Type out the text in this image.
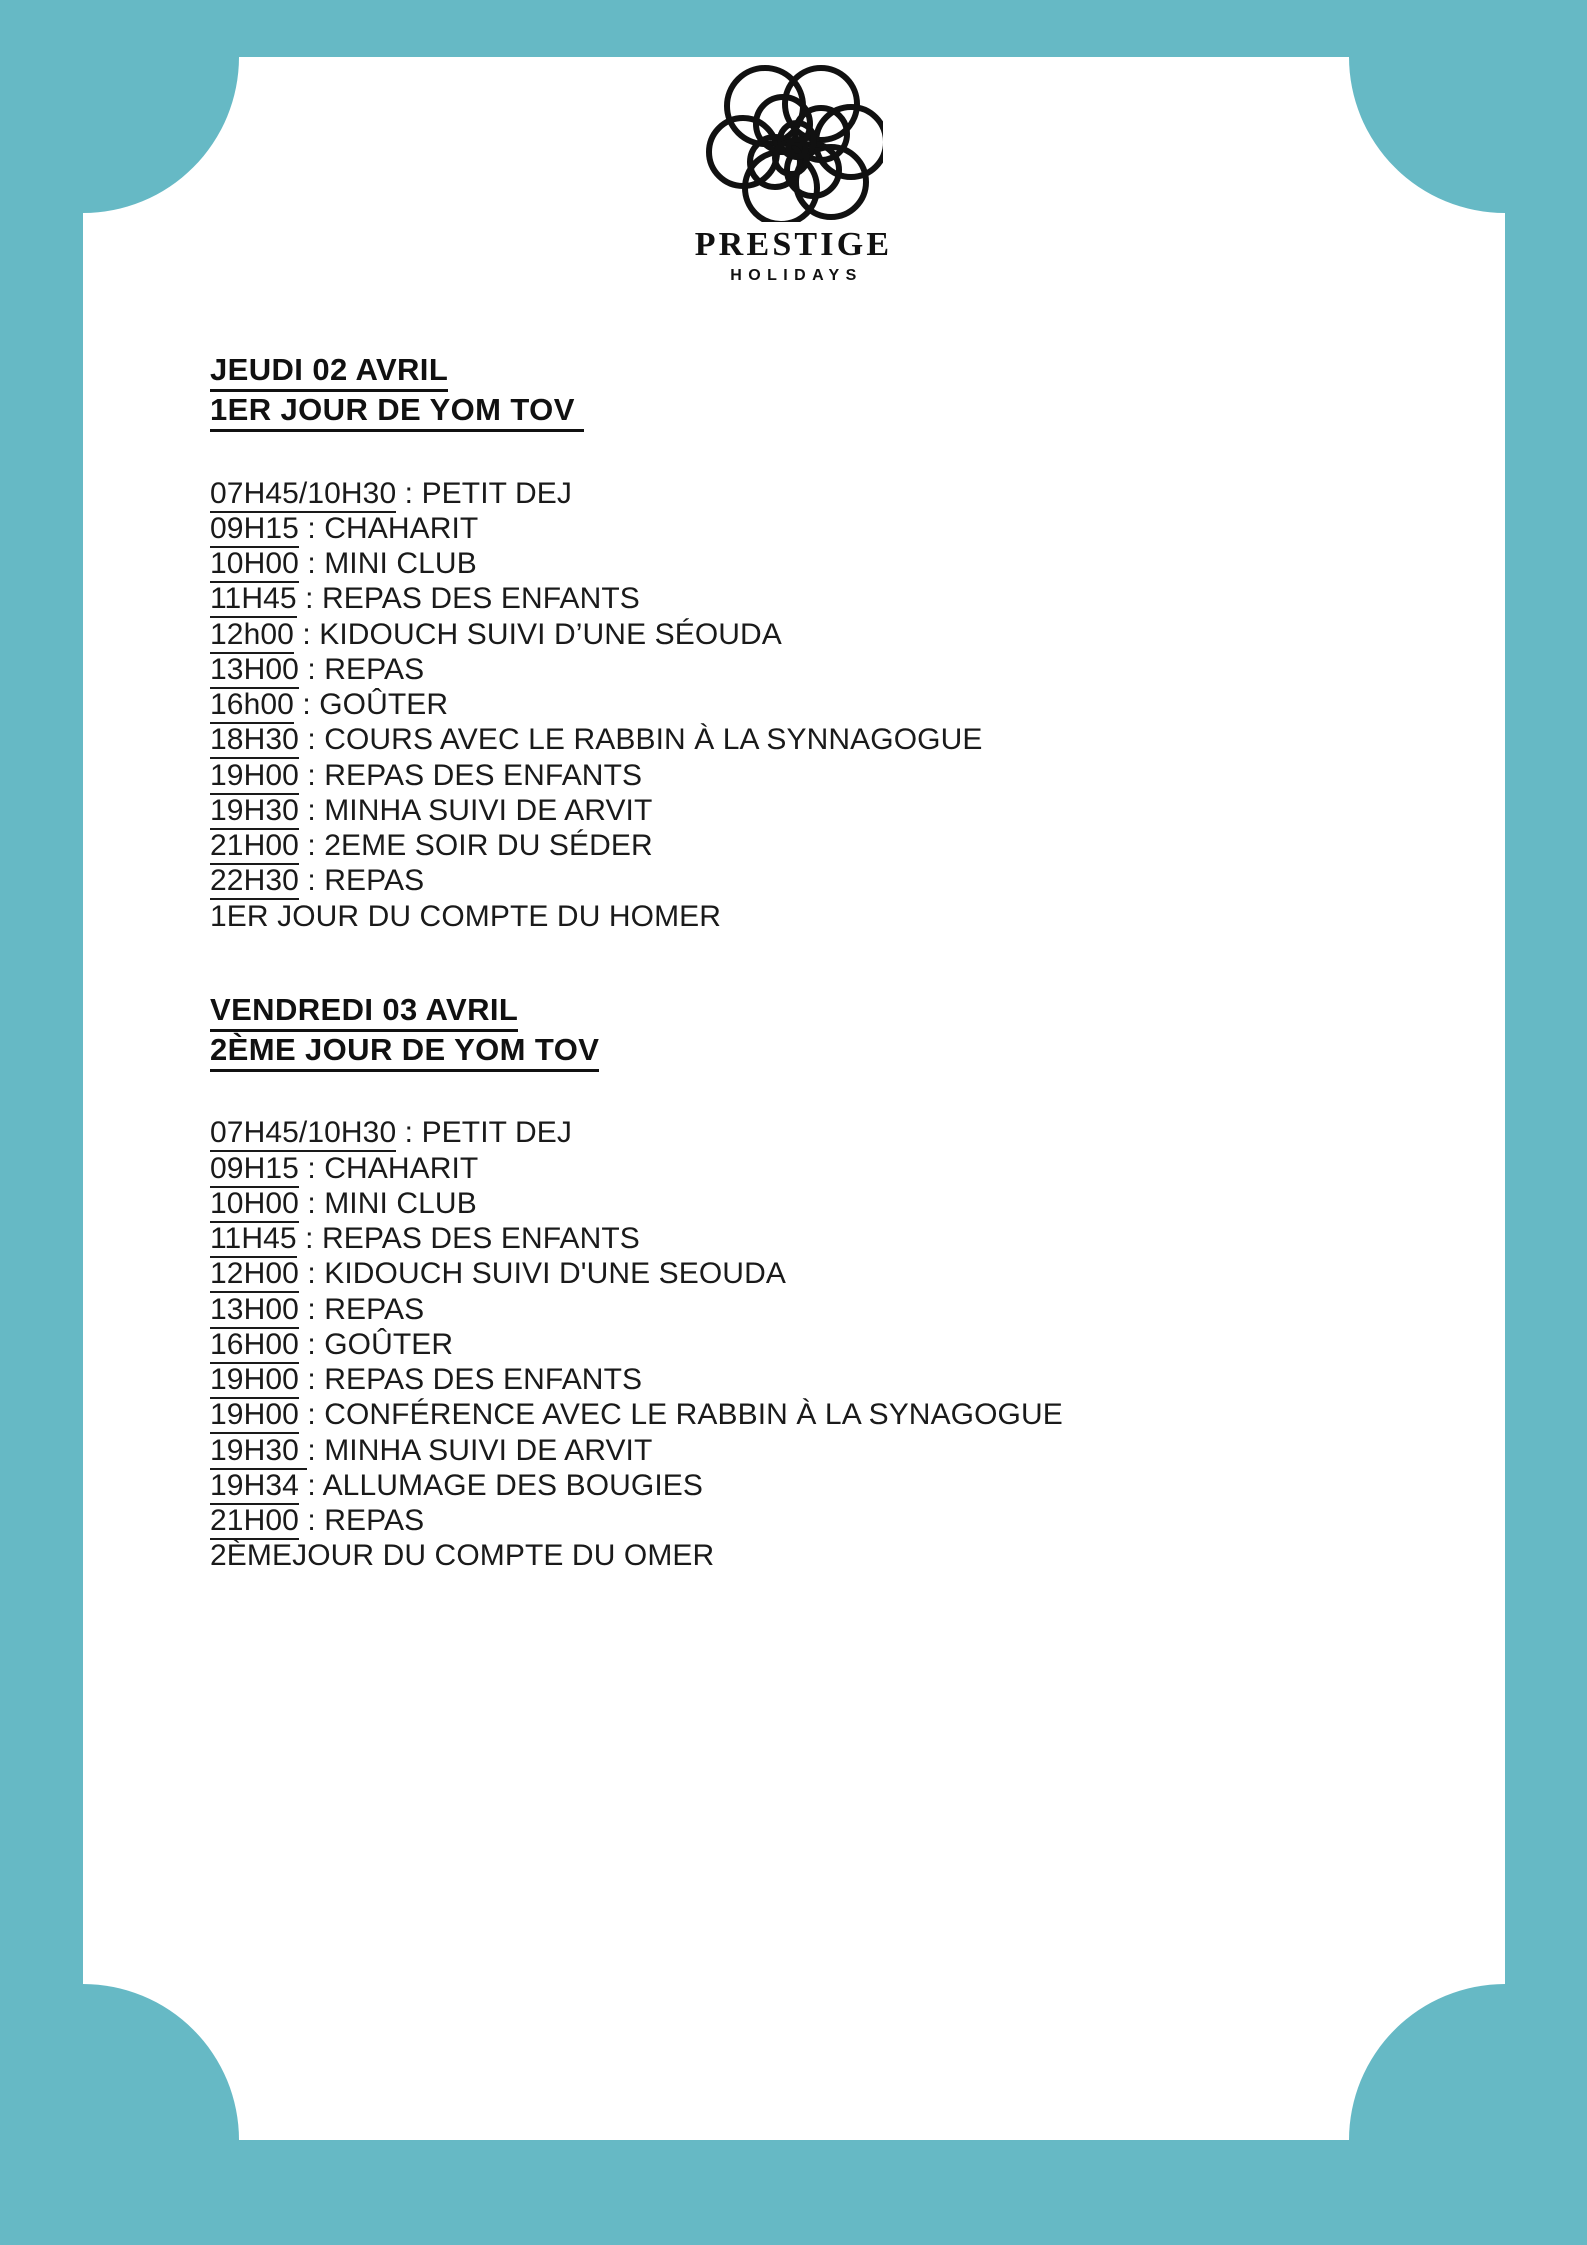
PRESTIGE
HOLIDAYS
JEUDI 02 AVRIL
1ER JOUR DE YOM TOV
07H45/10H30 : PETIT DEJ
09H15 : CHAHARIT
10H00 : MINI CLUB
11H45 : REPAS DES ENFANTS
12h00 : KIDOUCH SUIVI D’UNE SÉOUDA
13H00 : REPAS
16h00 : GOÛTER
18H30 : COURS AVEC LE RABBIN À LA SYNNAGOGUE
19H00 : REPAS DES ENFANTS
19H30 : MINHA SUIVI DE ARVIT
21H00 : 2EME SOIR DU SÉDER
22H30 : REPAS
1ER JOUR DU COMPTE DU HOMER
VENDREDI 03 AVRIL
2ÈME JOUR DE YOM TOV
07H45/10H30 : PETIT DEJ
09H15 : CHAHARIT
10H00 : MINI CLUB
11H45 : REPAS DES ENFANTS
12H00 : KIDOUCH SUIVI D'UNE SEOUDA
13H00 : REPAS
16H00 : GOÛTER
19H00 : REPAS DES ENFANTS
19H00 : CONFÉRENCE AVEC LE RABBIN À LA SYNAGOGUE
19H30 : MINHA SUIVI DE ARVIT
19H34 : ALLUMAGE DES BOUGIES
21H00 : REPAS
2ÈMEJOUR DU COMPTE DU OMER
